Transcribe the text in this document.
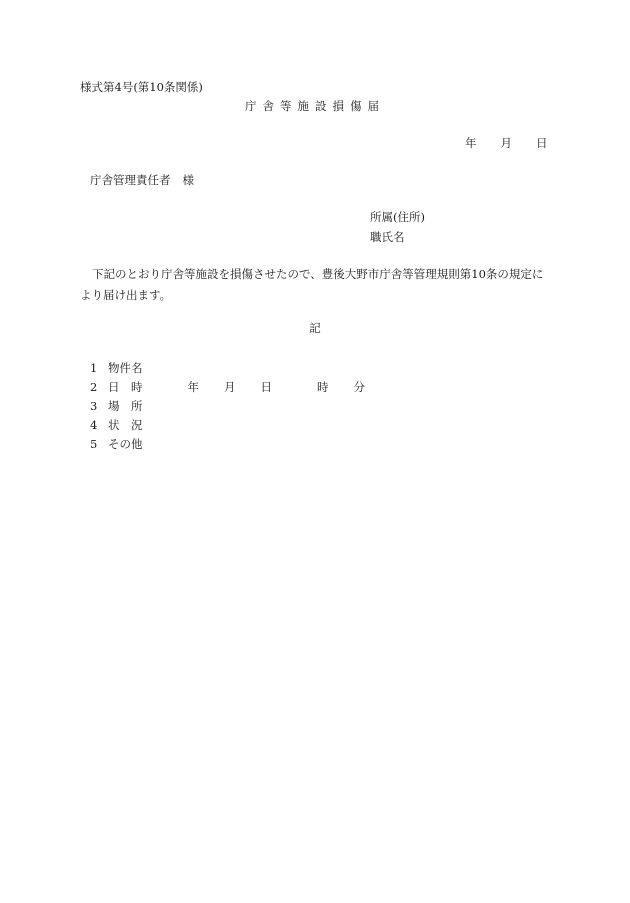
様式第4号(第10条関係)
庁舎等施設損傷届
年 月 日
庁舎管理責任者 様
所属(住所)
職氏名
下記のとおり庁舎等施設を損傷させたので、豊後大野市庁舎等管理規則第10条の規定により届け出ます。
記
1 物件名
2 日　時	年 月 日	時 分
3 場　所
4 状　況
5 その他
